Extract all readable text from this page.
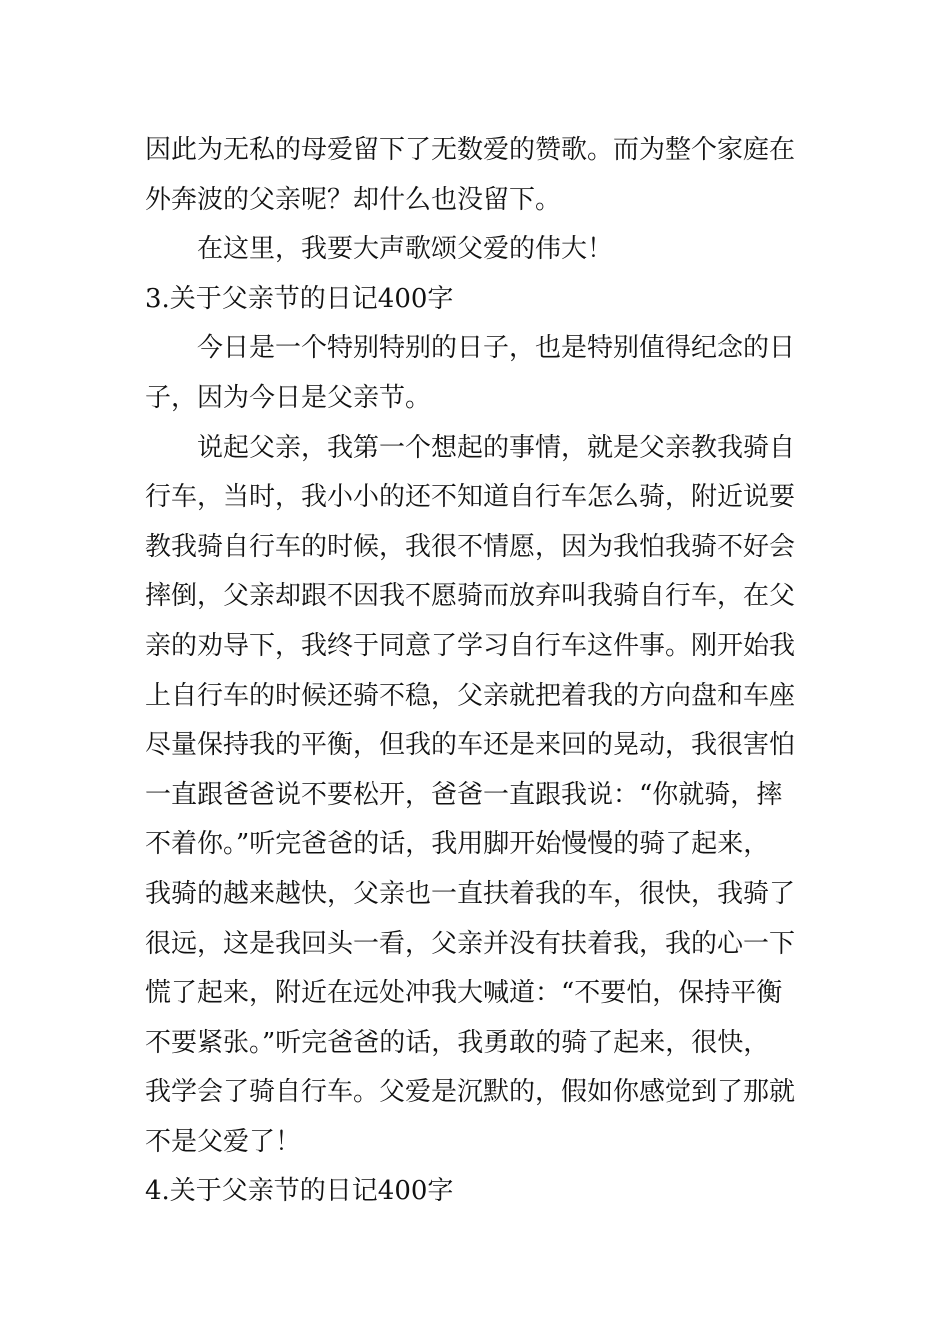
因此为无私的母爱留下了无数爱的赞歌。而为整个家庭在
外奔波的父亲呢？却什么也没留下。
在这里，我要大声歌颂父爱的伟大！
3.关于父亲节的日记400字
今日是一个特别特别的日子，也是特别值得纪念的日
子，因为今日是父亲节。
说起父亲，我第一个想起的事情，就是父亲教我骑自
行车，当时，我小小的还不知道自行车怎么骑，附近说要
教我骑自行车的时候，我很不情愿，因为我怕我骑不好会
摔倒，父亲却跟不因我不愿骑而放弃叫我骑自行车，在父
亲的劝导下，我终于同意了学习自行车这件事。刚开始我
上自行车的时候还骑不稳，父亲就把着我的方向盘和车座
尽量保持我的平衡，但我的车还是来回的晃动，我很害怕
一直跟爸爸说不要松开，爸爸一直跟我说：“你就骑，摔
不着你。”听完爸爸的话，我用脚开始慢慢的骑了起来，
我骑的越来越快，父亲也一直扶着我的车，很快，我骑了
很远，这是我回头一看，父亲并没有扶着我，我的心一下
慌了起来，附近在远处冲我大喊道：“不要怕，保持平衡
不要紧张。”听完爸爸的话，我勇敢的骑了起来，很快，
我学会了骑自行车。父爱是沉默的，假如你感觉到了那就
不是父爱了！
4.关于父亲节的日记400字
